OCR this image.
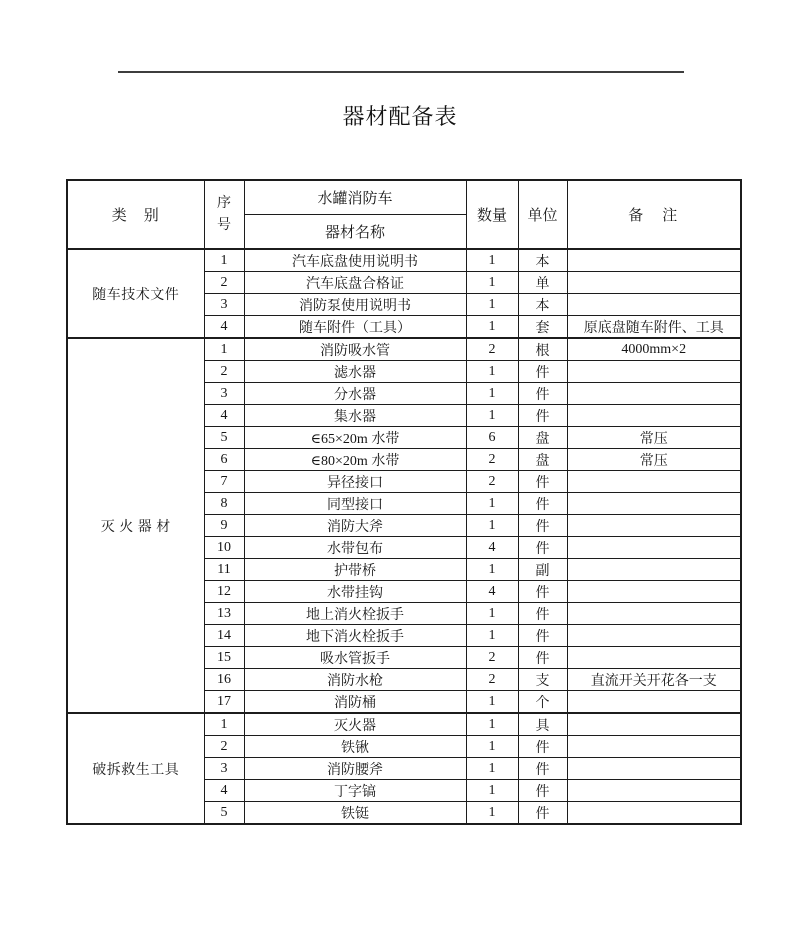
器材配备表
类　别	序号	水罐消防车	数量	单位	备　注
		器材名称			
随车技术文件	1	汽车底盘使用说明书	1	本	
	2	汽车底盘合格证	1	单	
	3	消防泵使用说明书	1	本	
	4	随车附件（工具）	1	套	原底盘随车附件、工具
灭 火 器 材	1	消防吸水管	2	根	4000mm×2
	2	滤水器	1	件	
	3	分水器	1	件	
	4	集水器	1	件	
	5	∈65×20m 水带	6	盘	常压
	6	∈80×20m 水带	2	盘	常压
	7	异径接口	2	件	
	8	同型接口	1	件	
	9	消防大斧	1	件	
	10	水带包布	4	件	
	11	护带桥	1	副	
	12	水带挂钩	4	件	
	13	地上消火栓扳手	1	件	
	14	地下消火栓扳手	1	件	
	15	吸水管扳手	2	件	
	16	消防水枪	2	支	直流开关开花各一支
	17	消防桶	1	个	
破拆救生工具	1	灭火器	1	具	
	2	铁锹	1	件	
	3	消防腰斧	1	件	
	4	丁字镐	1	件	
	5	铁铤	1	件	
